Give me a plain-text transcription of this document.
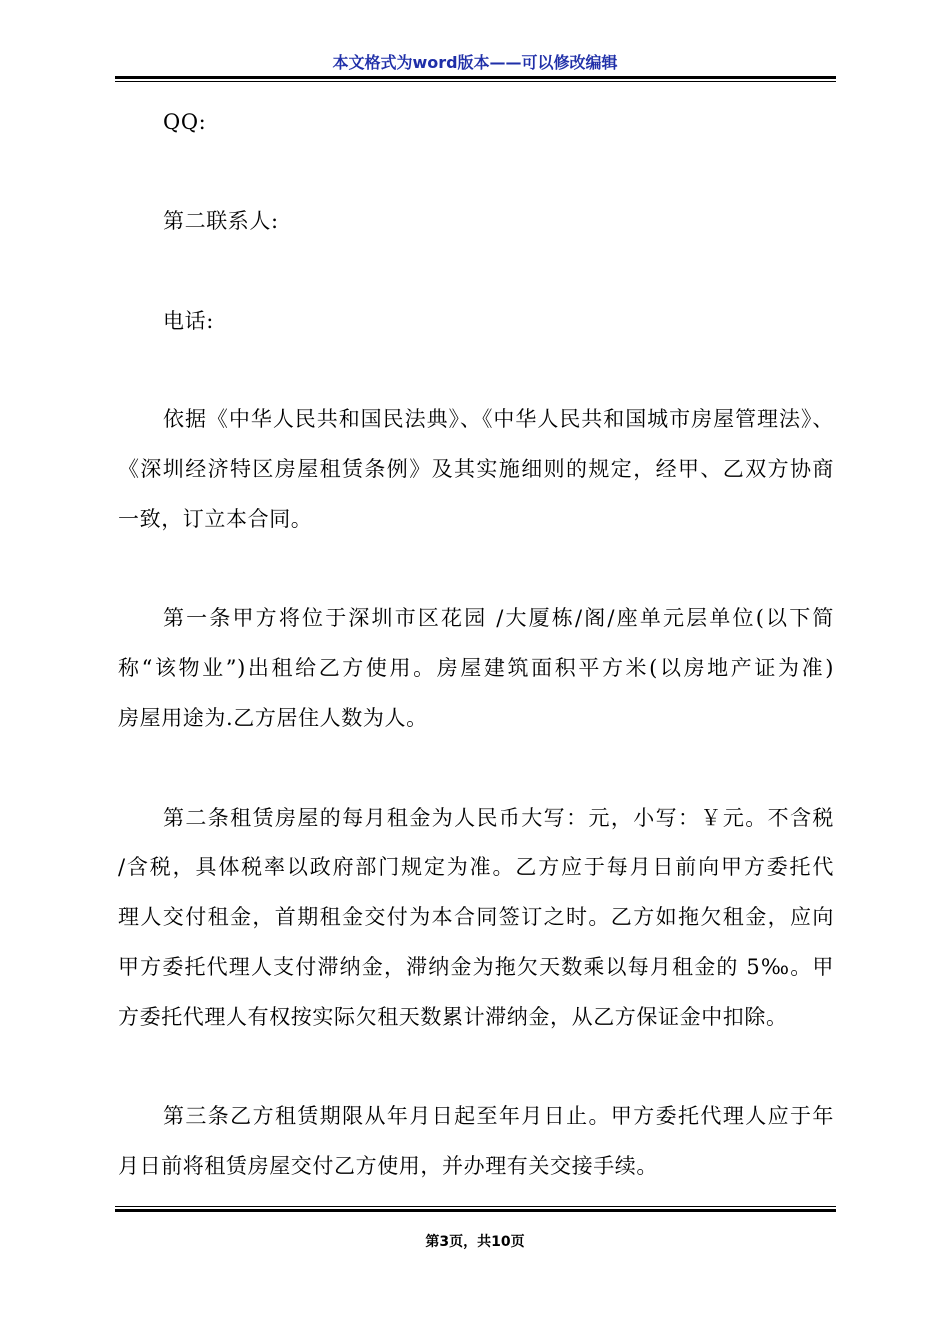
本文格式为word版本——可以修改编辑
QQ:
第二联系人:
电话:
依据《中华人民共和国民法典》、《中华人民共和国城市房屋管理法》、
《深圳经济特区房屋租赁条例》及其实施细则的规定，经甲、乙双方协商
一致，订立本合同。
第一条甲方将位于深圳市区花园 /大厦栋/阁/座单元层单位(以下简
称“该物业”)出租给乙方使用。房屋建筑面积平方米(以房地产证为准)
房屋用途为.乙方居住人数为人。
第二条租赁房屋的每月租金为人民币大写：元，小写：￥元。不含税
/含税，具体税率以政府部门规定为准。乙方应于每月日前向甲方委托代
理人交付租金，首期租金交付为本合同签订之时。乙方如拖欠租金，应向
甲方委托代理人支付滞纳金，滞纳金为拖欠天数乘以每月租金的 5‰。甲
方委托代理人有权按实际欠租天数累计滞纳金，从乙方保证金中扣除。
第三条乙方租赁期限从年月日起至年月日止。甲方委托代理人应于年
月日前将租赁房屋交付乙方使用，并办理有关交接手续。
第3页，共10页
